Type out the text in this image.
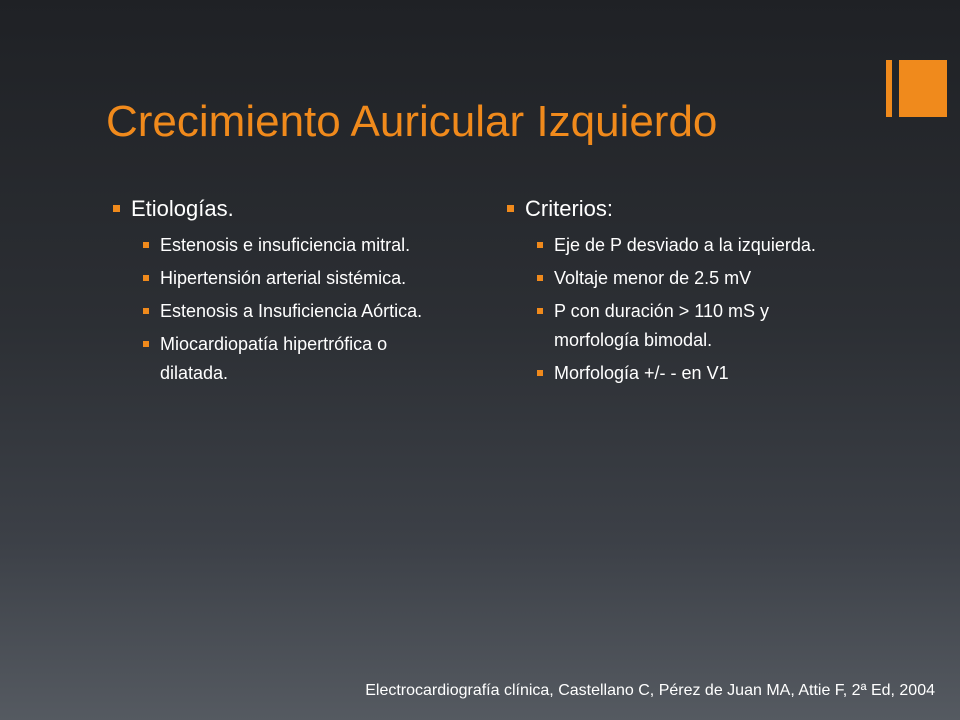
Crecimiento Auricular Izquierdo
Etiologías.
Estenosis e insuficiencia mitral.
Hipertensión arterial sistémica.
Estenosis a Insuficiencia Aórtica.
Miocardiopatía hipertrófica o dilatada.
Criterios:
Eje de P desviado a la izquierda.
Voltaje menor de 2.5 mV
P con duración > 110 mS y morfología bimodal.
Morfología +/- - en V1
Electrocardiografía clínica, Castellano C, Pérez de Juan MA, Attie F, 2ª Ed, 2004
